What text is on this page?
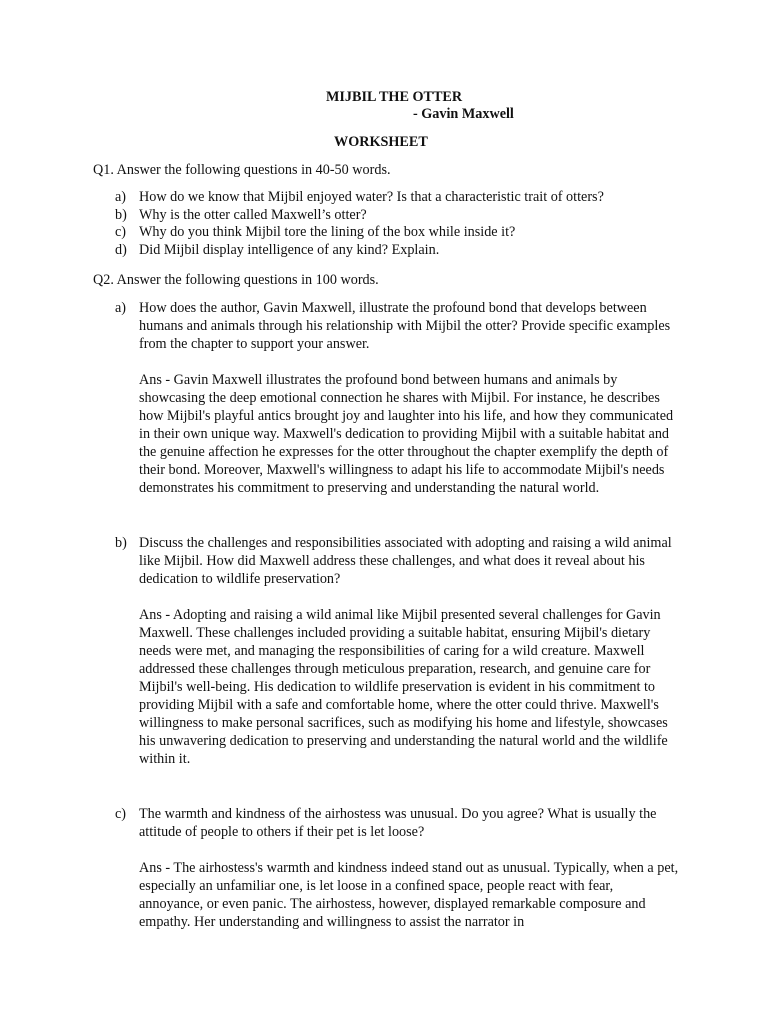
MIJBIL THE OTTER
- Gavin Maxwell
WORKSHEET
Q1. Answer the following questions in 40-50 words.
a) How do we know that Mijbil enjoyed water? Is that a characteristic trait of otters?
b) Why is the otter called Maxwell’s otter?
c) Why do you think Mijbil tore the lining of the box while inside it?
d) Did Mijbil display intelligence of any kind? Explain.
Q2. Answer the following questions in 100 words.
a) How does the author, Gavin Maxwell, illustrate the profound bond that develops between humans and animals through his relationship with Mijbil the otter? Provide specific examples from the chapter to support your answer.
Ans - Gavin Maxwell illustrates the profound bond between humans and animals by showcasing the deep emotional connection he shares with Mijbil. For instance, he describes how Mijbil's playful antics brought joy and laughter into his life, and how they communicated in their own unique way. Maxwell's dedication to providing Mijbil with a suitable habitat and the genuine affection he expresses for the otter throughout the chapter exemplify the depth of their bond. Moreover, Maxwell's willingness to adapt his life to accommodate Mijbil's needs demonstrates his commitment to preserving and understanding the natural world.
b) Discuss the challenges and responsibilities associated with adopting and raising a wild animal like Mijbil. How did Maxwell address these challenges, and what does it reveal about his dedication to wildlife preservation?
Ans - Adopting and raising a wild animal like Mijbil presented several challenges for Gavin Maxwell. These challenges included providing a suitable habitat, ensuring Mijbil's dietary needs were met, and managing the responsibilities of caring for a wild creature. Maxwell addressed these challenges through meticulous preparation, research, and genuine care for Mijbil's well-being. His dedication to wildlife preservation is evident in his commitment to providing Mijbil with a safe and comfortable home, where the otter could thrive. Maxwell's willingness to make personal sacrifices, such as modifying his home and lifestyle, showcases his unwavering dedication to preserving and understanding the natural world and the wildlife within it.
c) The warmth and kindness of the airhostess was unusual. Do you agree? What is usually the attitude of people to others if their pet is let loose?
Ans - The airhostess's warmth and kindness indeed stand out as unusual. Typically, when a pet, especially an unfamiliar one, is let loose in a confined space, people react with fear, annoyance, or even panic. The airhostess, however, displayed remarkable composure and empathy. Her understanding and willingness to assist the narrator in
